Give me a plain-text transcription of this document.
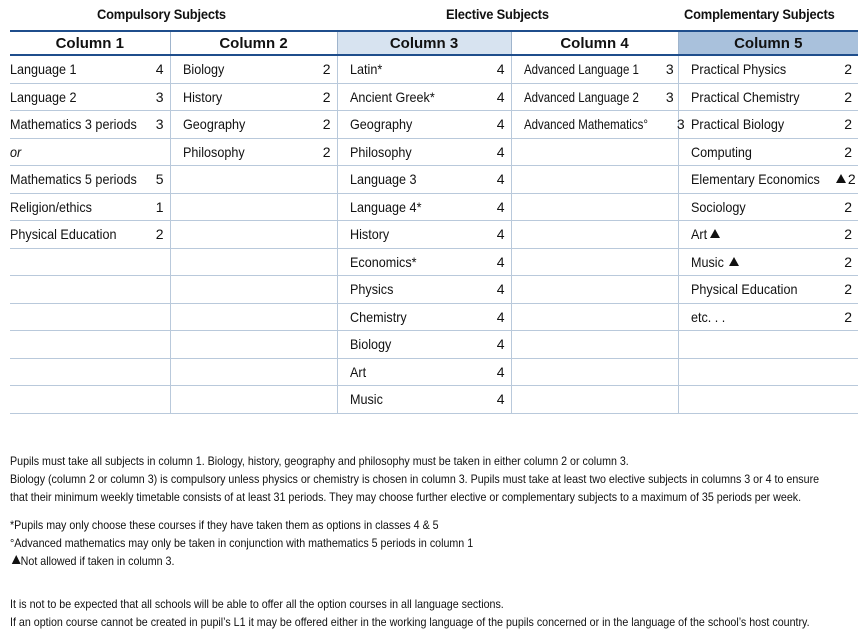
Compulsory Subjects	Elective Subjects	Complementary Subjects
Column 1	Column 2	Column 3	Column 4	Column 5

Language 1 4	Biology 2	Latin* 4	Advanced Language 1 3	Practical Physics 2

Language 2 3	History 2	Ancient Greek* 4	Advanced Language 2 3	Practical Chemistry 2

Mathematics 3 periods 3	Geography 2	Geography 4	Advanced Mathematics° 3	Practical Biology 2

or	Philosophy 2	Philosophy 4		Computing 2

Mathematics 5 periods 5		Language 3 4		Elementary Economics 2

Religion/ethics 1		Language 4* 4		Sociology 2

Physical Education 2		History 4		Art 2

		Economics* 4		Music 2

		Physics 4		Physical Education 2

		Chemistry 4		etc. . . 2

		Biology 4		

		Art 4		

		Music 4		

Pupils must take all subjects in column 1. Biology, history, geography and philosophy must be taken in either column 2 or column 3.

Biology (column 2 or column 3) is compulsory unless physics or chemistry is chosen in column 3. Pupils must take at least two elective subjects in columns 3 or 4 to ensure

that their minimum weekly timetable consists of at least 31 periods. They may choose further elective or complementary subjects to a maximum of 35 periods per week.

*Pupils may only choose these courses if they have taken them as options in classes 4 & 5

°Advanced mathematics may only be taken in conjunction with mathematics 5 periods in column 1

Not allowed if taken in column 3.

It is not to be expected that all schools will be able to offer all the option courses in all language sections.

If an option course cannot be created in pupil’s L1 it may be offered either in the working language of the pupils concerned or in the language of the school’s host country.
